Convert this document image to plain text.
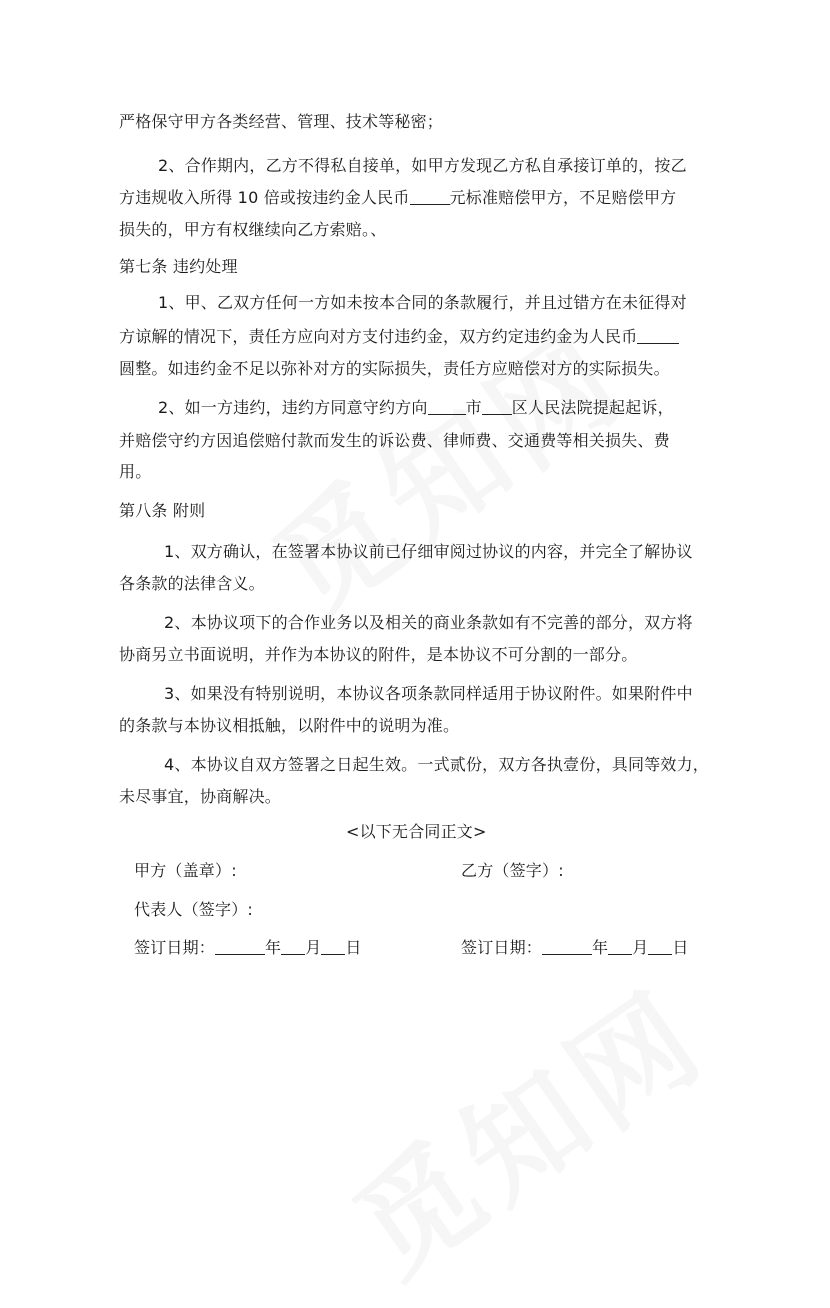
严格保守甲方各类经营、管理、技术等秘密；
2、合作期内，乙方不得私自接单，如甲方发现乙方私自承接订单的，按乙
方违规收入所得 10 倍或按违约金人民币	元标准赔偿甲方，不足赔偿甲方
损失的，甲方有权继续向乙方索赔。、
第七条 违约处理
1、甲、乙双方任何一方如未按本合同的条款履行，并且过错方在未征得对
方谅解的情况下，责任方应向对方支付违约金，双方约定违约金为人民币
圆整。如违约金不足以弥补对方的实际损失，责任方应赔偿对方的实际损失。
2、如一方违约，违约方同意守约方向 市 区人民法院提起起诉，
并赔偿守约方因追偿赔付款而发生的诉讼费、律师费、交通费等相关损失、费
用。
第八条 附则
1、双方确认，在签署本协议前已仔细审阅过协议的内容，并完全了解协议
各条款的法律含义。
2、本协议项下的合作业务以及相关的商业条款如有不完善的部分，双方将
协商另立书面说明，并作为本协议的附件，是本协议不可分割的一部分。
3、如果没有特别说明，本协议各项条款同样适用于协议附件。如果附件中
的条款与本协议相抵触，以附件中的说明为准。
4、本协议自双方签署之日起生效。一式贰份，双方各执壹份，具同等效力，
未尽事宜，协商解决。
<以下无合同正文>
甲方（盖章）:	乙方（签字）:
代表人（签字）:
签订日期：	年 月 日	签订日期：	年 月 日
